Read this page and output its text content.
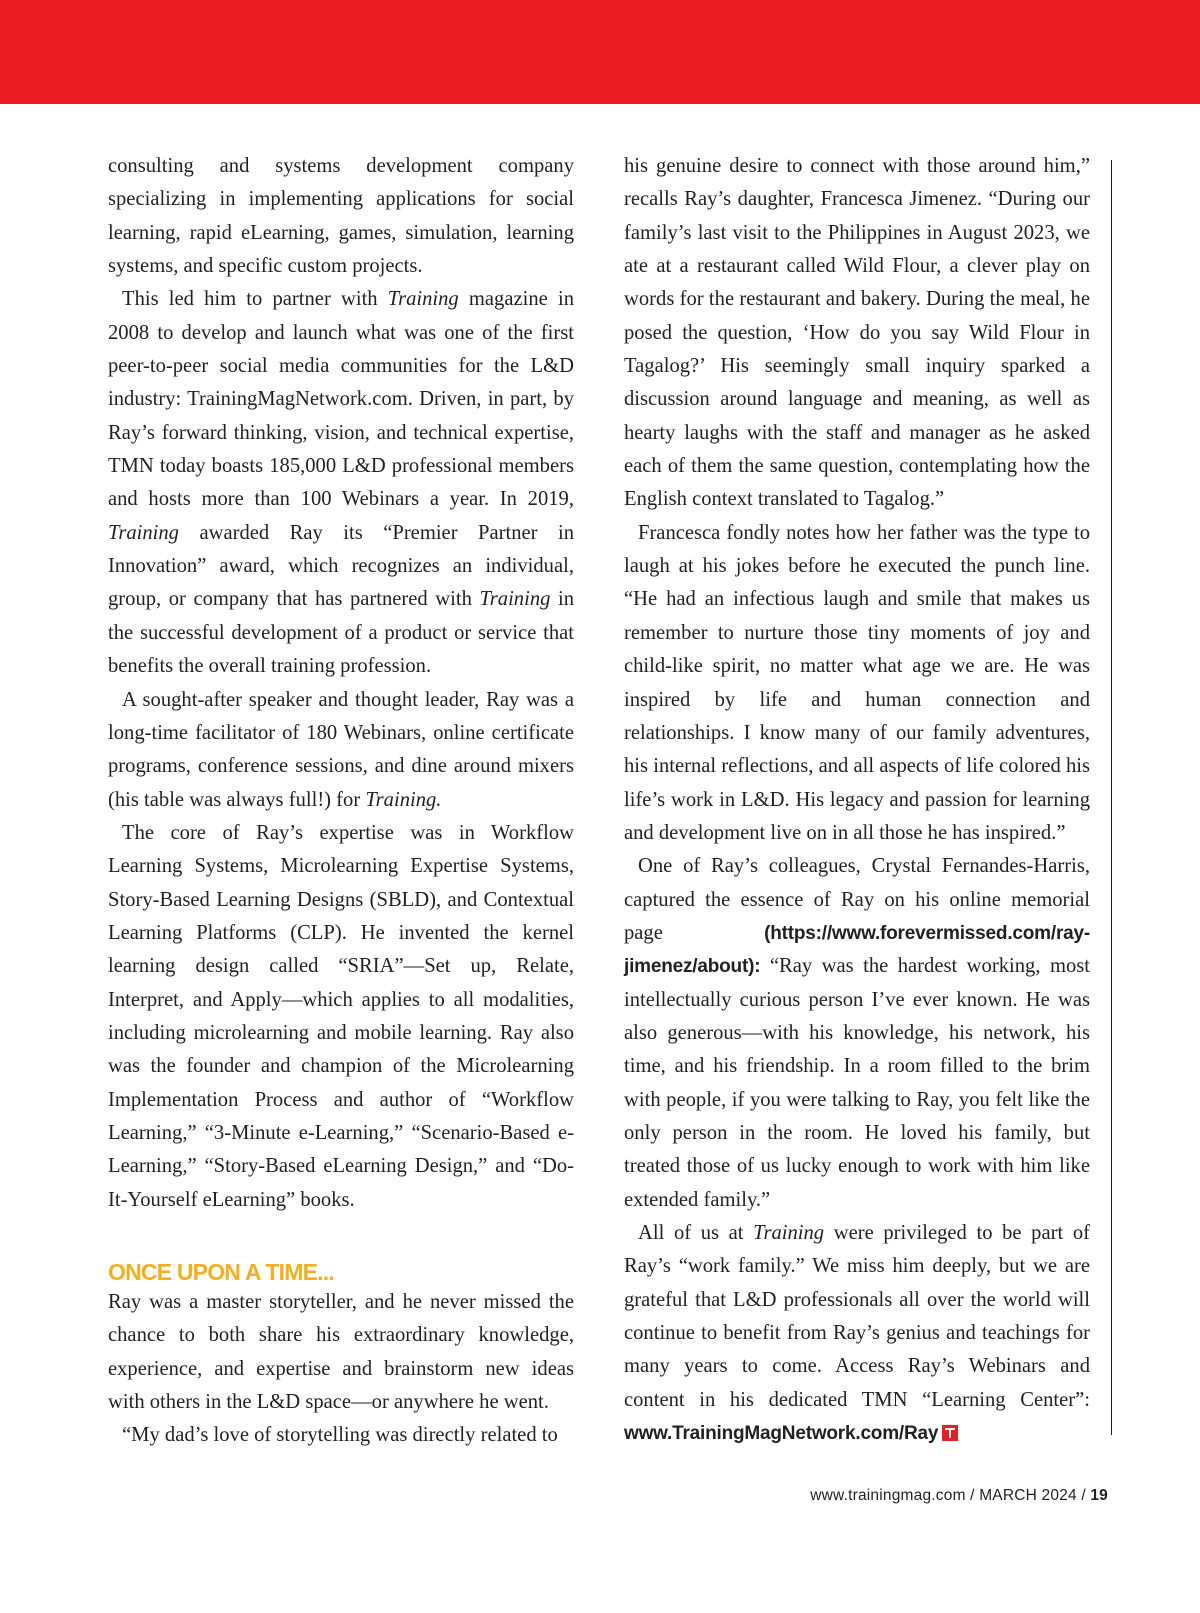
consulting and systems development company specializing in implementing applications for social learning, rapid eLearning, games, simulation, learning systems, and specific custom projects.

This led him to partner with Training magazine in 2008 to develop and launch what was one of the first peer-to-peer social media communities for the L&D industry: TrainingMagNetwork.com. Driven, in part, by Ray’s forward thinking, vision, and technical expertise, TMN today boasts 185,000 L&D professional members and hosts more than 100 Webinars a year. In 2019, Training awarded Ray its “Premier Partner in Innovation” award, which recognizes an individual, group, or company that has partnered with Training in the successful development of a product or service that benefits the overall training profession.

A sought-after speaker and thought leader, Ray was a long-time facilitator of 180 Webinars, online certificate programs, conference sessions, and dine around mixers (his table was always full!) for Training.

The core of Ray’s expertise was in Workflow Learning Systems, Microlearning Expertise Systems, Story-Based Learning Designs (SBLD), and Contextual Learning Platforms (CLP). He invented the kernel learning design called “SRIA”—Set up, Relate, Interpret, and Apply—which applies to all modalities, including microlearning and mobile learning. Ray also was the founder and champion of the Microlearning Implementation Process and author of “Workflow Learning,” “3-Minute e-Learning,” “Scenario-Based e-Learning,” “Story-Based eLearning Design,” and “Do-It-Yourself eLearning” books.

ONCE UPON A TIME...

Ray was a master storyteller, and he never missed the chance to both share his extraordinary knowledge, experience, and expertise and brainstorm new ideas with others in the L&D space—or anywhere he went.

“My dad’s love of storytelling was directly related to

his genuine desire to connect with those around him,” recalls Ray’s daughter, Francesca Jimenez. “During our family’s last visit to the Philippines in August 2023, we ate at a restaurant called Wild Flour, a clever play on words for the restaurant and bakery. During the meal, he posed the question, ‘How do you say Wild Flour in Tagalog?’ His seemingly small inquiry sparked a discussion around language and meaning, as well as hearty laughs with the staff and manager as he asked each of them the same question, contemplating how the English context translated to Tagalog.”

Francesca fondly notes how her father was the type to laugh at his jokes before he executed the punch line. “He had an infectious laugh and smile that makes us remember to nurture those tiny moments of joy and child-like spirit, no matter what age we are. He was inspired by life and human connection and relationships. I know many of our family adventures, his internal reflections, and all aspects of life colored his life’s work in L&D. His legacy and passion for learning and development live on in all those he has inspired.”

One of Ray’s colleagues, Crystal Fernandes-Harris, captured the essence of Ray on his online memorial page (https://www.forevermissed.com/ray-jimenez/about): “Ray was the hardest working, most intellectually curious person I’ve ever known. He was also generous—with his knowledge, his network, his time, and his friendship. In a room filled to the brim with people, if you were talking to Ray, you felt like the only person in the room. He loved his family, but treated those of us lucky enough to work with him like extended family.”

All of us at Training were privileged to be part of Ray’s “work family.” We miss him deeply, but we are grateful that L&D professionals all over the world will continue to benefit from Ray’s genius and teachings for many years to come. Access Ray’s Webinars and content in his dedicated TMN “Learning Center”: www.TrainingMagNetwork.com/Ray

www.trainingmag.com / MARCH 2024 / 19
